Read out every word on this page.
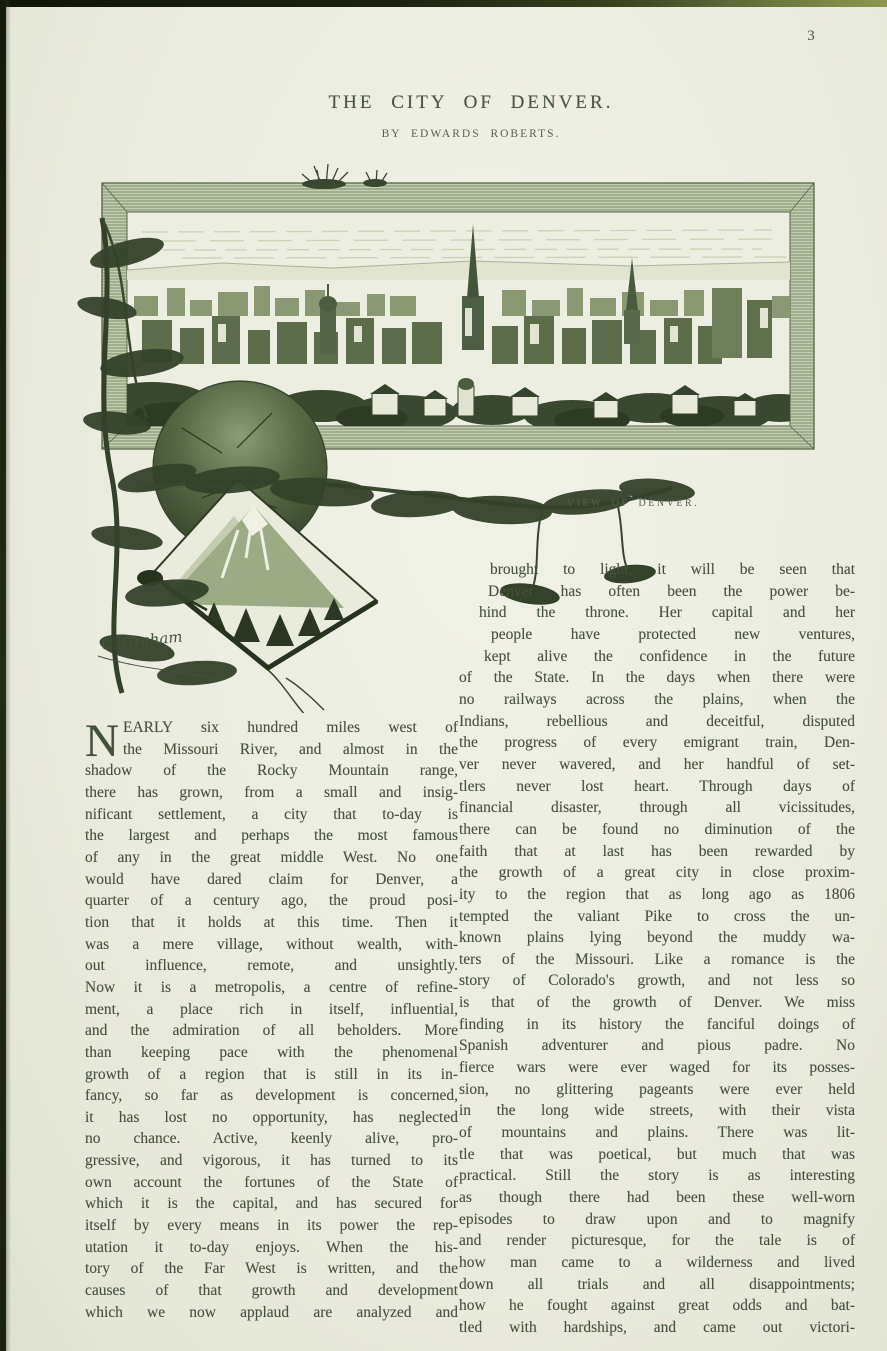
3
THE CITY OF DENVER.
BY EDWARDS ROBERTS.
C. Graham
VIEW OF DENVER.
N EARLY six hundred miles west of
the Missouri River, and almost in the
shadow of the Rocky Mountain range,
there has grown, from a small and insig-
nificant settlement, a city that to-day is
the largest and perhaps the most famous
of any in the great middle West. No one
would have dared claim for Denver, a
quarter of a century ago, the proud posi-
tion that it holds at this time. Then it
was a mere village, without wealth, with-
out influence, remote, and unsightly.
Now it is a metropolis, a centre of refine-
ment, a place rich in itself, influential,
and the admiration of all beholders. More
than keeping pace with the phenomenal
growth of a region that is still in its in-
fancy, so far as development is concerned,
it has lost no opportunity, has neglected
no chance. Active, keenly alive, pro-
gressive, and vigorous, it has turned to its
own account the fortunes of the State of
which it is the capital, and has secured for
itself by every means in its power the rep-
utation it to-day enjoys. When the his-
tory of the Far West is written, and the
causes of that growth and development
which we now applaud are analyzed and
brought to light, it will be seen that
Denver has often been the power be-
hind the throne. Her capital and her
people have protected new ventures,
kept alive the confidence in the future
of the State. In the days when there were
no railways across the plains, when the
Indians, rebellious and deceitful, disputed
the progress of every emigrant train, Den-
ver never wavered, and her handful of set-
tlers never lost heart. Through days of
financial disaster, through all vicissitudes,
there can be found no diminution of the
faith that at last has been rewarded by
the growth of a great city in close proxim-
ity to the region that as long ago as 1806
tempted the valiant Pike to cross the un-
known plains lying beyond the muddy wa-
ters of the Missouri. Like a romance is the
story of Colorado's growth, and not less so
is that of the growth of Denver. We miss
finding in its history the fanciful doings of
Spanish adventurer and pious padre. No
fierce wars were ever waged for its posses-
sion, no glittering pageants were ever held
in the long wide streets, with their vista
of mountains and plains. There was lit-
tle that was poetical, but much that was
practical. Still the story is as interesting
as though there had been these well-worn
episodes to draw upon and to magnify
and render picturesque, for the tale is of
how man came to a wilderness and lived
down all trials and all disappointments;
how he fought against great odds and bat-
tled with hardships, and came out victori-
